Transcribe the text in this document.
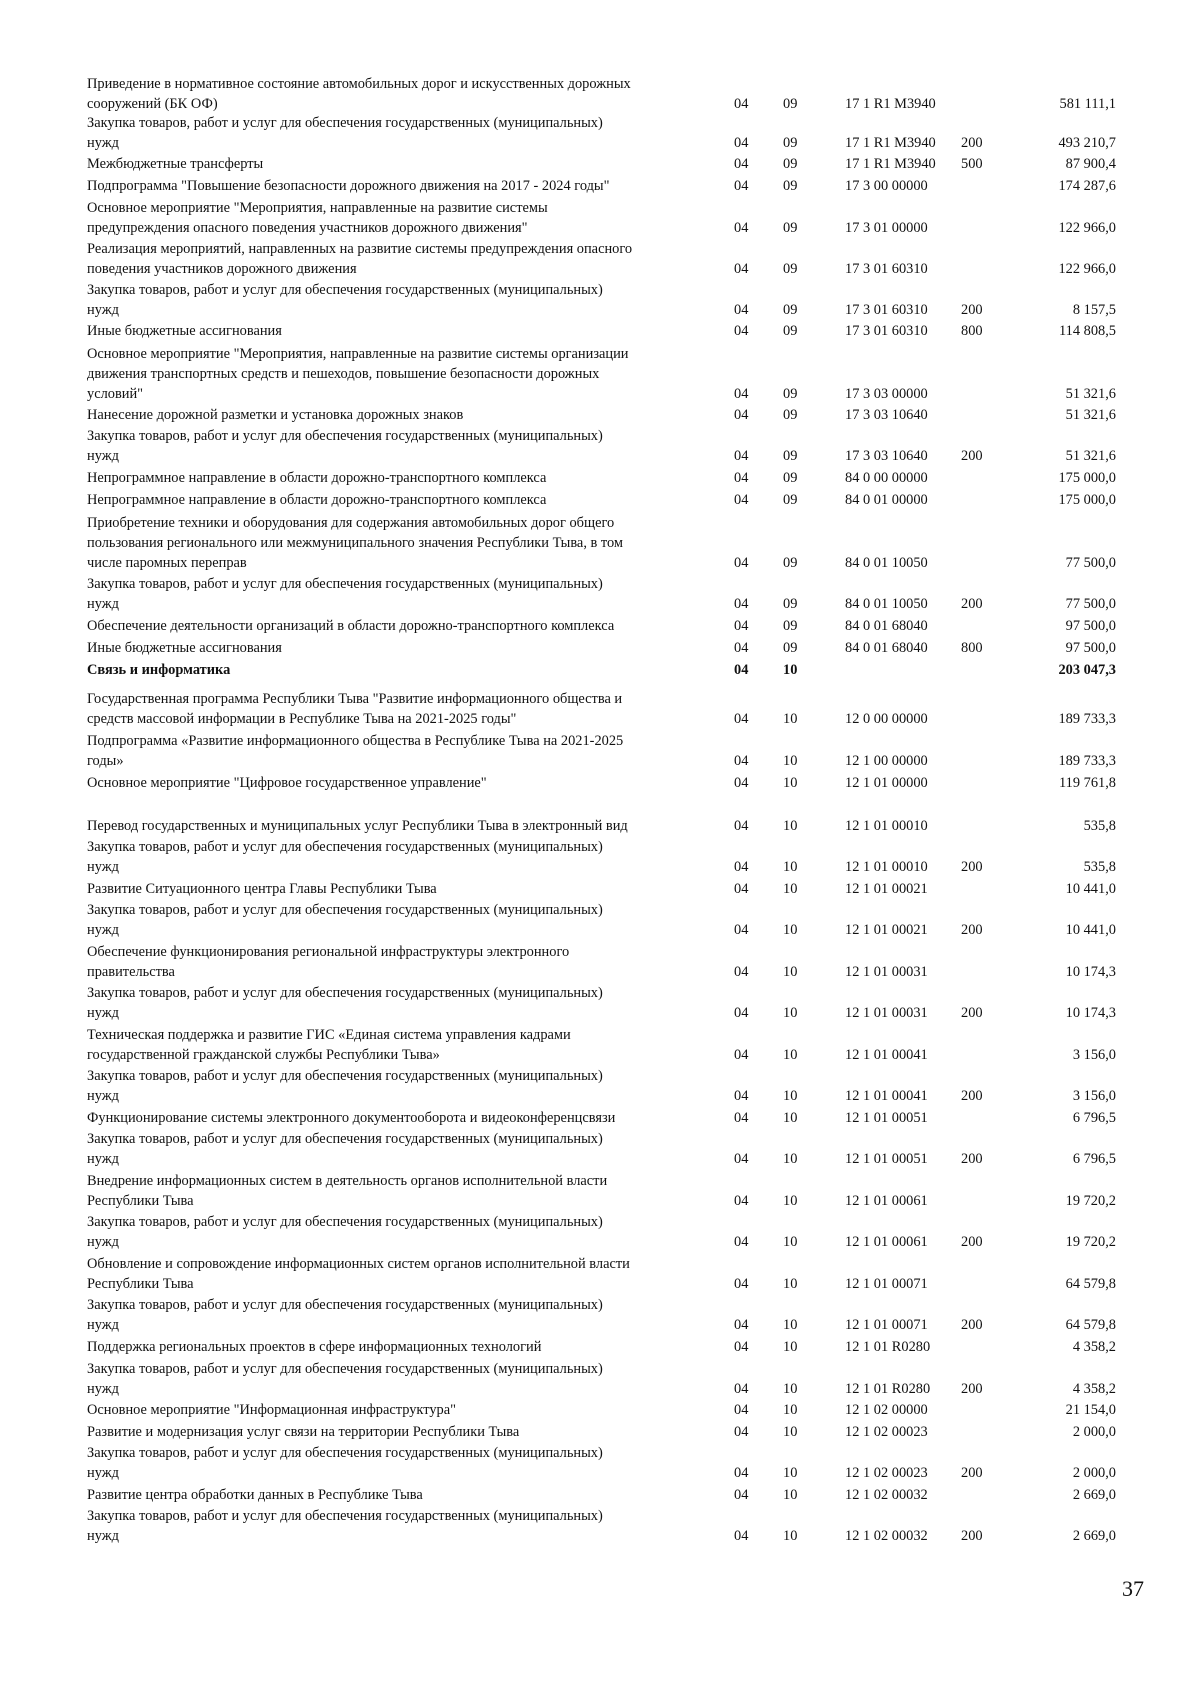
Приведение в нормативное состояние автомобильных дорог и искусственных дорожных
сооружений (БК ОФ)	04 09	17 1 R1 M3940	581 111,1
Закупка товаров, работ и услуг для обеспечения государственных (муниципальных)
нужд	04 09	17 1 R1 M3940 200	493 210,7
Межбюджетные трансферты	04 09	17 1 R1 M3940 500	87 900,4
Подпрограмма "Повышение безопасности дорожного движения на 2017 - 2024 годы"	04 09	17 3 00 00000	174 287,6
Основное мероприятие "Мероприятия, направленные на развитие системы
предупреждения опасного поведения участников дорожного движения"	04 09	17 3 01 00000	122 966,0
Реализация мероприятий, направленных на развитие системы предупреждения опасного
поведения участников дорожного движения	04 09	17 3 01 60310	122 966,0
Закупка товаров, работ и услуг для обеспечения государственных (муниципальных)
нужд	04 09	17 3 01 60310 200	8 157,5
Иные бюджетные ассигнования	04 09	17 3 01 60310 800	114 808,5
Основное мероприятие "Мероприятия, направленные на развитие системы организации
движения транспортных средств и пешеходов, повышение безопасности дорожных
условий"	04 09	17 3 03 00000	51 321,6
Нанесение дорожной разметки и установка дорожных знаков	04 09	17 3 03 10640	51 321,6
Закупка товаров, работ и услуг для обеспечения государственных (муниципальных)
нужд	04 09	17 3 03 10640 200	51 321,6
Непрограммное направление в области дорожно-транспортного комплекса	04 09	84 0 00 00000	175 000,0
Непрограммное направление в области дорожно-транспортного комплекса	04 09	84 0 01 00000	175 000,0
Приобретение техники и оборудования для содержания автомобильных дорог общего
пользования регионального или межмуниципального значения Республики Тыва, в том
числе паромных переправ	04 09	84 0 01 10050	77 500,0
Закупка товаров, работ и услуг для обеспечения государственных (муниципальных)
нужд	04 09	84 0 01 10050 200	77 500,0
Обеспечение деятельности организаций в области дорожно-транспортного комплекса	04 09	84 0 01 68040	97 500,0
Иные бюджетные ассигнования	04 09	84 0 01 68040 800	97 500,0
Связь и информатика	04 10	203 047,3
Государственная программа Республики Тыва "Развитие информационного общества и
средств массовой информации в Республике Тыва на 2021-2025 годы"	04 10	12 0 00 00000	189 733,3
Подпрограмма «Развитие информационного общества в Республике Тыва на 2021-2025
годы»	04 10	12 1 00 00000	189 733,3
Основное мероприятие "Цифровое государственное управление"	04 10	12 1 01 00000	119 761,8
Перевод государственных и муниципальных услуг Республики Тыва в электронный вид	04 10	12 1 01 00010	535,8
Закупка товаров, работ и услуг для обеспечения государственных (муниципальных)
нужд	04 10	12 1 01 00010 200	535,8
Развитие Ситуационного центра Главы Республики Тыва	04 10	12 1 01 00021	10 441,0
Закупка товаров, работ и услуг для обеспечения государственных (муниципальных)
нужд	04 10	12 1 01 00021 200	10 441,0
Обеспечение функционирования региональной инфраструктуры электронного
правительства	04 10	12 1 01 00031	10 174,3
Закупка товаров, работ и услуг для обеспечения государственных (муниципальных)
нужд	04 10	12 1 01 00031 200	10 174,3
Техническая поддержка и развитие ГИС «Единая система управления кадрами
государственной гражданской службы Республики Тыва»	04 10	12 1 01 00041	3 156,0
Закупка товаров, работ и услуг для обеспечения государственных (муниципальных)
нужд	04 10	12 1 01 00041 200	3 156,0
Функционирование системы электронного документооборота и видеоконференцсвязи	04 10	12 1 01 00051	6 796,5
Закупка товаров, работ и услуг для обеспечения государственных (муниципальных)
нужд	04 10	12 1 01 00051 200	6 796,5
Внедрение информационных систем в деятельность органов исполнительной власти
Республики Тыва	04 10	12 1 01 00061	19 720,2
Закупка товаров, работ и услуг для обеспечения государственных (муниципальных)
нужд	04 10	12 1 01 00061 200	19 720,2
Обновление и сопровождение информационных систем органов исполнительной власти
Республики Тыва	04 10	12 1 01 00071	64 579,8
Закупка товаров, работ и услуг для обеспечения государственных (муниципальных)
нужд	04 10	12 1 01 00071 200	64 579,8
Поддержка региональных проектов в сфере информационных технологий	04 10	12 1 01 R0280	4 358,2
Закупка товаров, работ и услуг для обеспечения государственных (муниципальных)
нужд	04 10	12 1 01 R0280 200	4 358,2
Основное мероприятие "Информационная инфраструктура"	04 10	12 1 02 00000	21 154,0
Развитие и модернизация услуг связи на территории Республики Тыва	04 10	12 1 02 00023	2 000,0
Закупка товаров, работ и услуг для обеспечения государственных (муниципальных)
нужд	04 10	12 1 02 00023 200	2 000,0
Развитие центра обработки данных в Республике Тыва	04 10	12 1 02 00032	2 669,0
Закупка товаров, работ и услуг для обеспечения государственных (муниципальных)
нужд	04 10	12 1 02 00032 200	2 669,0
37
